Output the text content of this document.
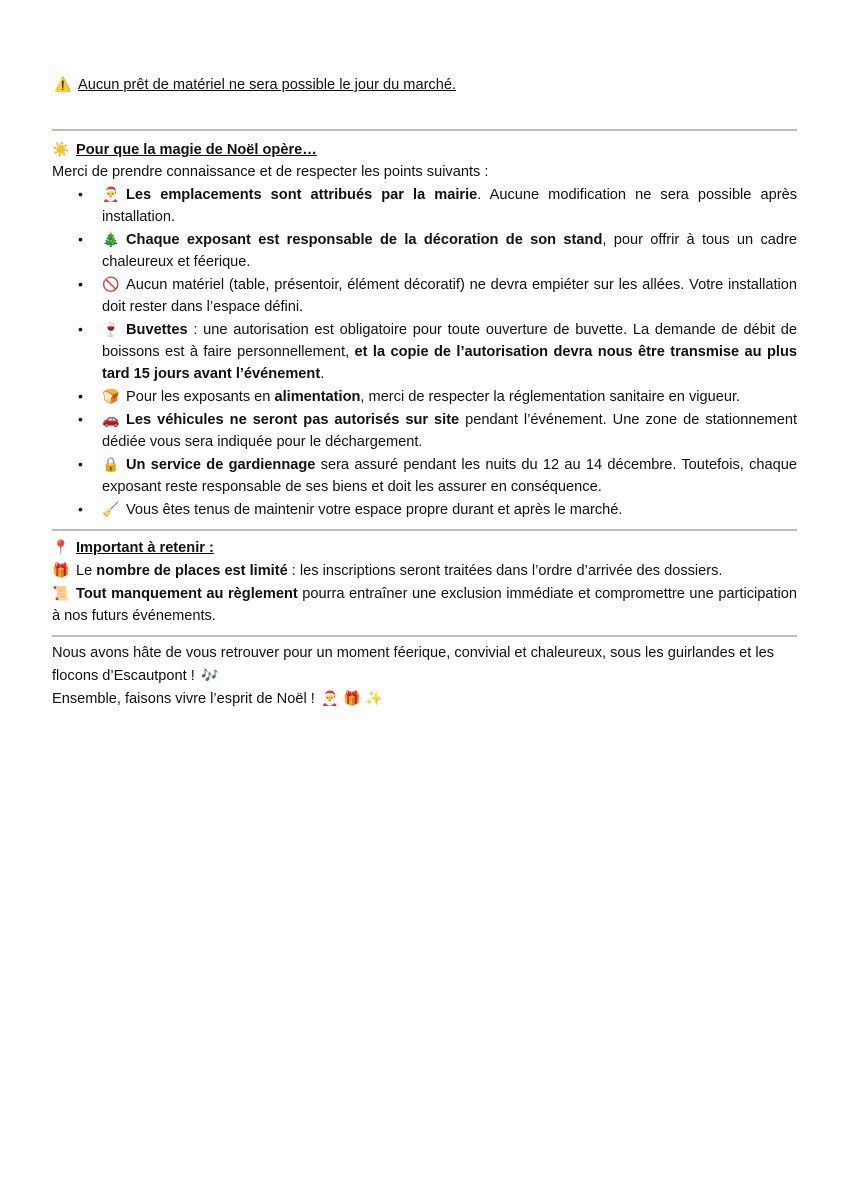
⚠️ Aucun prêt de matériel ne sera possible le jour du marché.
☀️ Pour que la magie de Noël opère…
Merci de prendre connaissance et de respecter les points suivants :
• 🎅 Les emplacements sont attribués par la mairie. Aucune modification ne sera possible après installation.
• 🎄 Chaque exposant est responsable de la décoration de son stand, pour offrir à tous un cadre chaleureux et féerique.
• 🚫 Aucun matériel (table, présentoir, élément décoratif) ne devra empiéter sur les allées. Votre installation doit rester dans l’espace défini.
• 🍷 Buvettes : une autorisation est obligatoire pour toute ouverture de buvette. La demande de débit de boissons est à faire personnellement, et la copie de l’autorisation devra nous être transmise au plus tard 15 jours avant l’événement.
• 🍞 Pour les exposants en alimentation, merci de respecter la réglementation sanitaire en vigueur.
• 🚗 Les véhicules ne seront pas autorisés sur site pendant l’événement. Une zone de stationnement dédiée vous sera indiquée pour le déchargement.
• 🔒 Un service de gardiennage sera assuré pendant les nuits du 12 au 14 décembre. Toutefois, chaque exposant reste responsable de ses biens et doit les assurer en conséquence.
• 🧹 Vous êtes tenus de maintenir votre espace propre durant et après le marché.
📍 Important à retenir :
🎁 Le nombre de places est limité : les inscriptions seront traitées dans l’ordre d’arrivée des dossiers.
📜 Tout manquement au règlement pourra entraîner une exclusion immédiate et compromettre une participation à nos futurs événements.
Nous avons hâte de vous retrouver pour un moment féerique, convivial et chaleureux, sous les guirlandes et les flocons d’Escautpont ! 🎶
Ensemble, faisons vivre l’esprit de Noël ! 🎅 🎁 ✨
